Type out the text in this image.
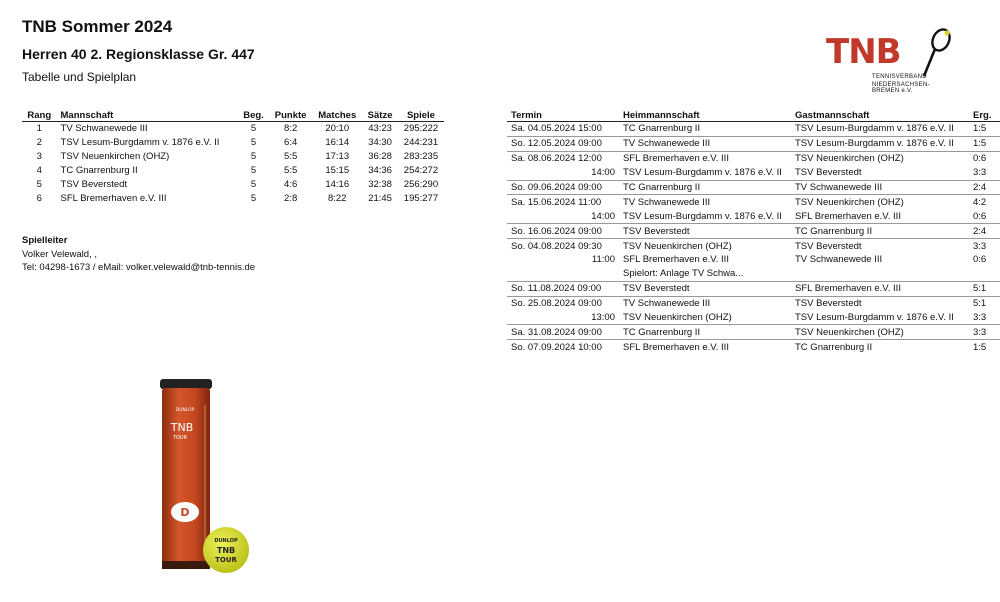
TNB Sommer 2024
Herren 40 2. Regionsklasse Gr. 447
Tabelle und Spielplan
TNB
TENNISVERBAND
NIEDERSACHSEN-BREMEN e.V.
Rang	Mannschaft	Beg.	Punkte	Matches	Sätze	Spiele
1	TV Schwanewede III	5	8:2	20:10	43:23	295:222
2	TSV Lesum-Burgdamm v. 1876 e.V. II	5	6:4	16:14	34:30	244:231
3	TSV Neuenkirchen (OHZ)	5	5:5	17:13	36:28	283:235
4	TC Gnarrenburg II	5	5:5	15:15	34:36	254:272
5	TSV Beverstedt	5	4:6	14:16	32:38	256:290
6	SFL Bremerhaven e.V. III	5	2:8	8:22	21:45	195:277
Spielleiter
Volker Velewald, ,
Tel: 04298-1673 / eMail: volker.velewald@tnb-tennis.de
Termin	Heimmannschaft	Gastmannschaft	Erg.
Sa. 04.05.2024 15:00	TC Gnarrenburg II	TSV Lesum-Burgdamm v. 1876 e.V. II	1:5
So. 12.05.2024 09:00	TV Schwanewede III	TSV Lesum-Burgdamm v. 1876 e.V. II	1:5
Sa. 08.06.2024 12:00	SFL Bremerhaven e.V. III	TSV Neuenkirchen (OHZ)	0:6
14:00	TSV Lesum-Burgdamm v. 1876 e.V. II	TSV Beverstedt	3:3
So. 09.06.2024 09:00	TC Gnarrenburg II	TV Schwanewede III	2:4
Sa. 15.06.2024 11:00	TV Schwanewede III	TSV Neuenkirchen (OHZ)	4:2
14:00	TSV Lesum-Burgdamm v. 1876 e.V. II	SFL Bremerhaven e.V. III	0:6
So. 16.06.2024 09:00	TSV Beverstedt	TC Gnarrenburg II	2:4
So. 04.08.2024 09:30	TSV Neuenkirchen (OHZ)	TSV Beverstedt	3:3
11:00	SFL Bremerhaven e.V. III	TV Schwanewede III	0:6
	Spielort: Anlage TV Schwa...		
So. 11.08.2024 09:00	TSV Beverstedt	SFL Bremerhaven e.V. III	5:1
So. 25.08.2024 09:00	TV Schwanewede III	TSV Beverstedt	5:1
13:00	TSV Neuenkirchen (OHZ)	TSV Lesum-Burgdamm v. 1876 e.V. II	3:3
Sa. 31.08.2024 09:00	TC Gnarrenburg II	TSV Neuenkirchen (OHZ)	3:3
So. 07.09.2024 10:00	SFL Bremerhaven e.V. III	TC Gnarrenburg II	1:5
D
DUNLOP
TNB
TOUR
DUNLOP
TNB
TOUR
